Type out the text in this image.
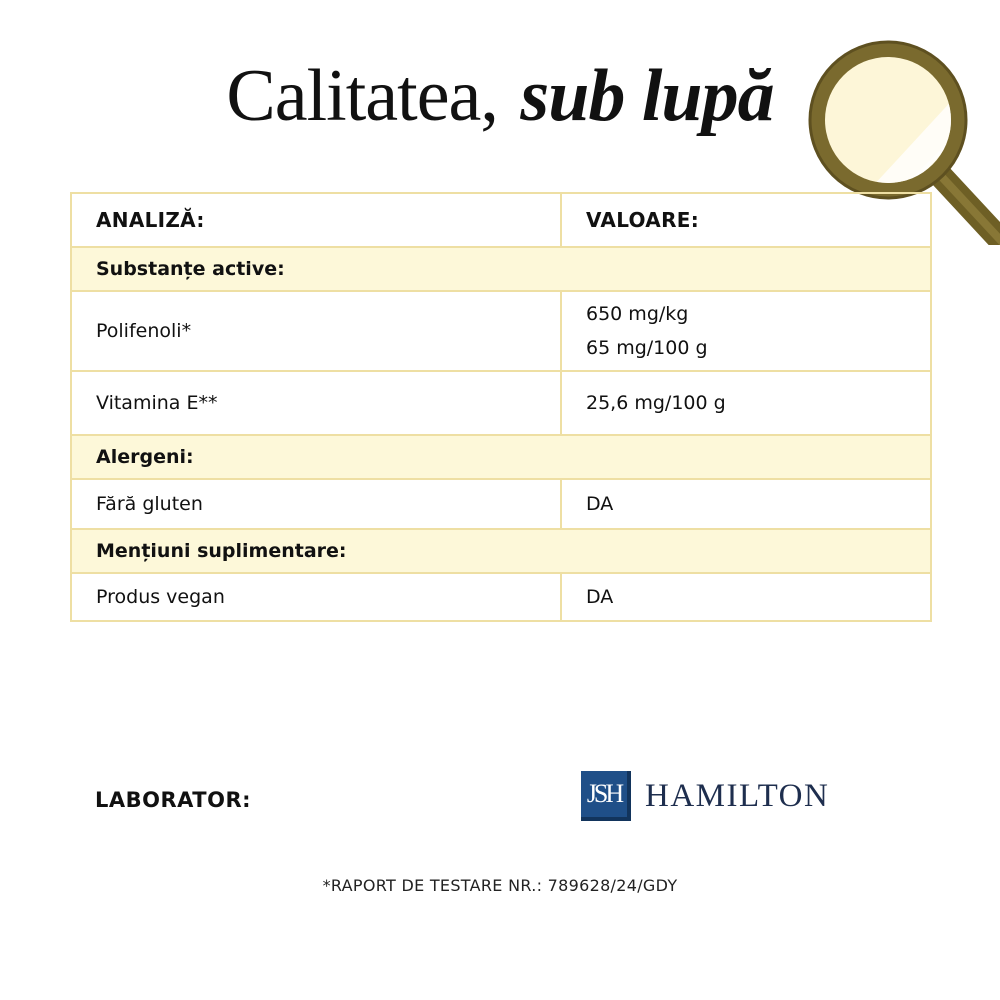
Calitatea, sub lupă
ANALIZĂ:	VALOARE:
Substanțe active:	
Polifenoli*	650 mg/kg
65 mg/100 g

Vitamina E**	25,6 mg/100 g
Alergeni:	
Fără gluten	DA
Mențiuni suplimentare:	
Produs vegan	DA
LABORATOR:	JSH HAMILTON
*RAPORT DE TESTARE NR.: 789628/24/GDY
